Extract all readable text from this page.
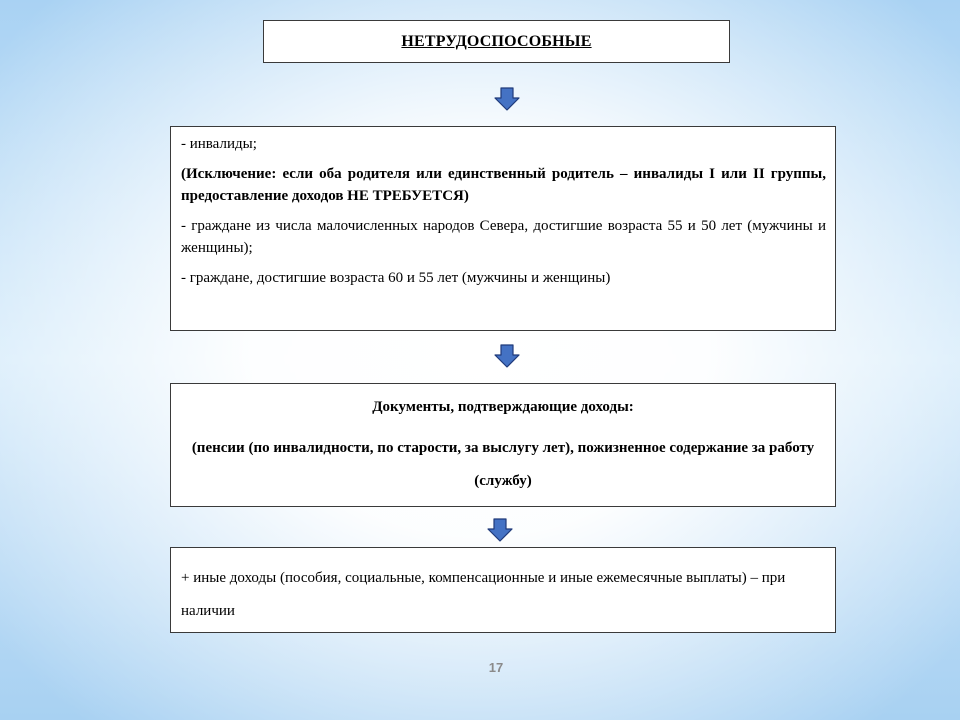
НЕТРУДОСПОСОБНЫЕ

- инвалиды;

(Исключение: если оба родителя или единственный родитель – инвалиды I или II группы, предоставление доходов НЕ ТРЕБУЕТСЯ)

- граждане из числа малочисленных народов Севера, достигшие возраста 55 и 50 лет (мужчины и женщины);

- граждане, достигшие возраста 60 и 55 лет (мужчины и женщины)

Документы, подтверждающие доходы:

(пенсии (по инвалидности, по старости, за выслугу лет), пожизненное содержание за работу (службу)

+ иные доходы (пособия, социальные, компенсационные и иные ежемесячные выплаты) – при наличии

17
